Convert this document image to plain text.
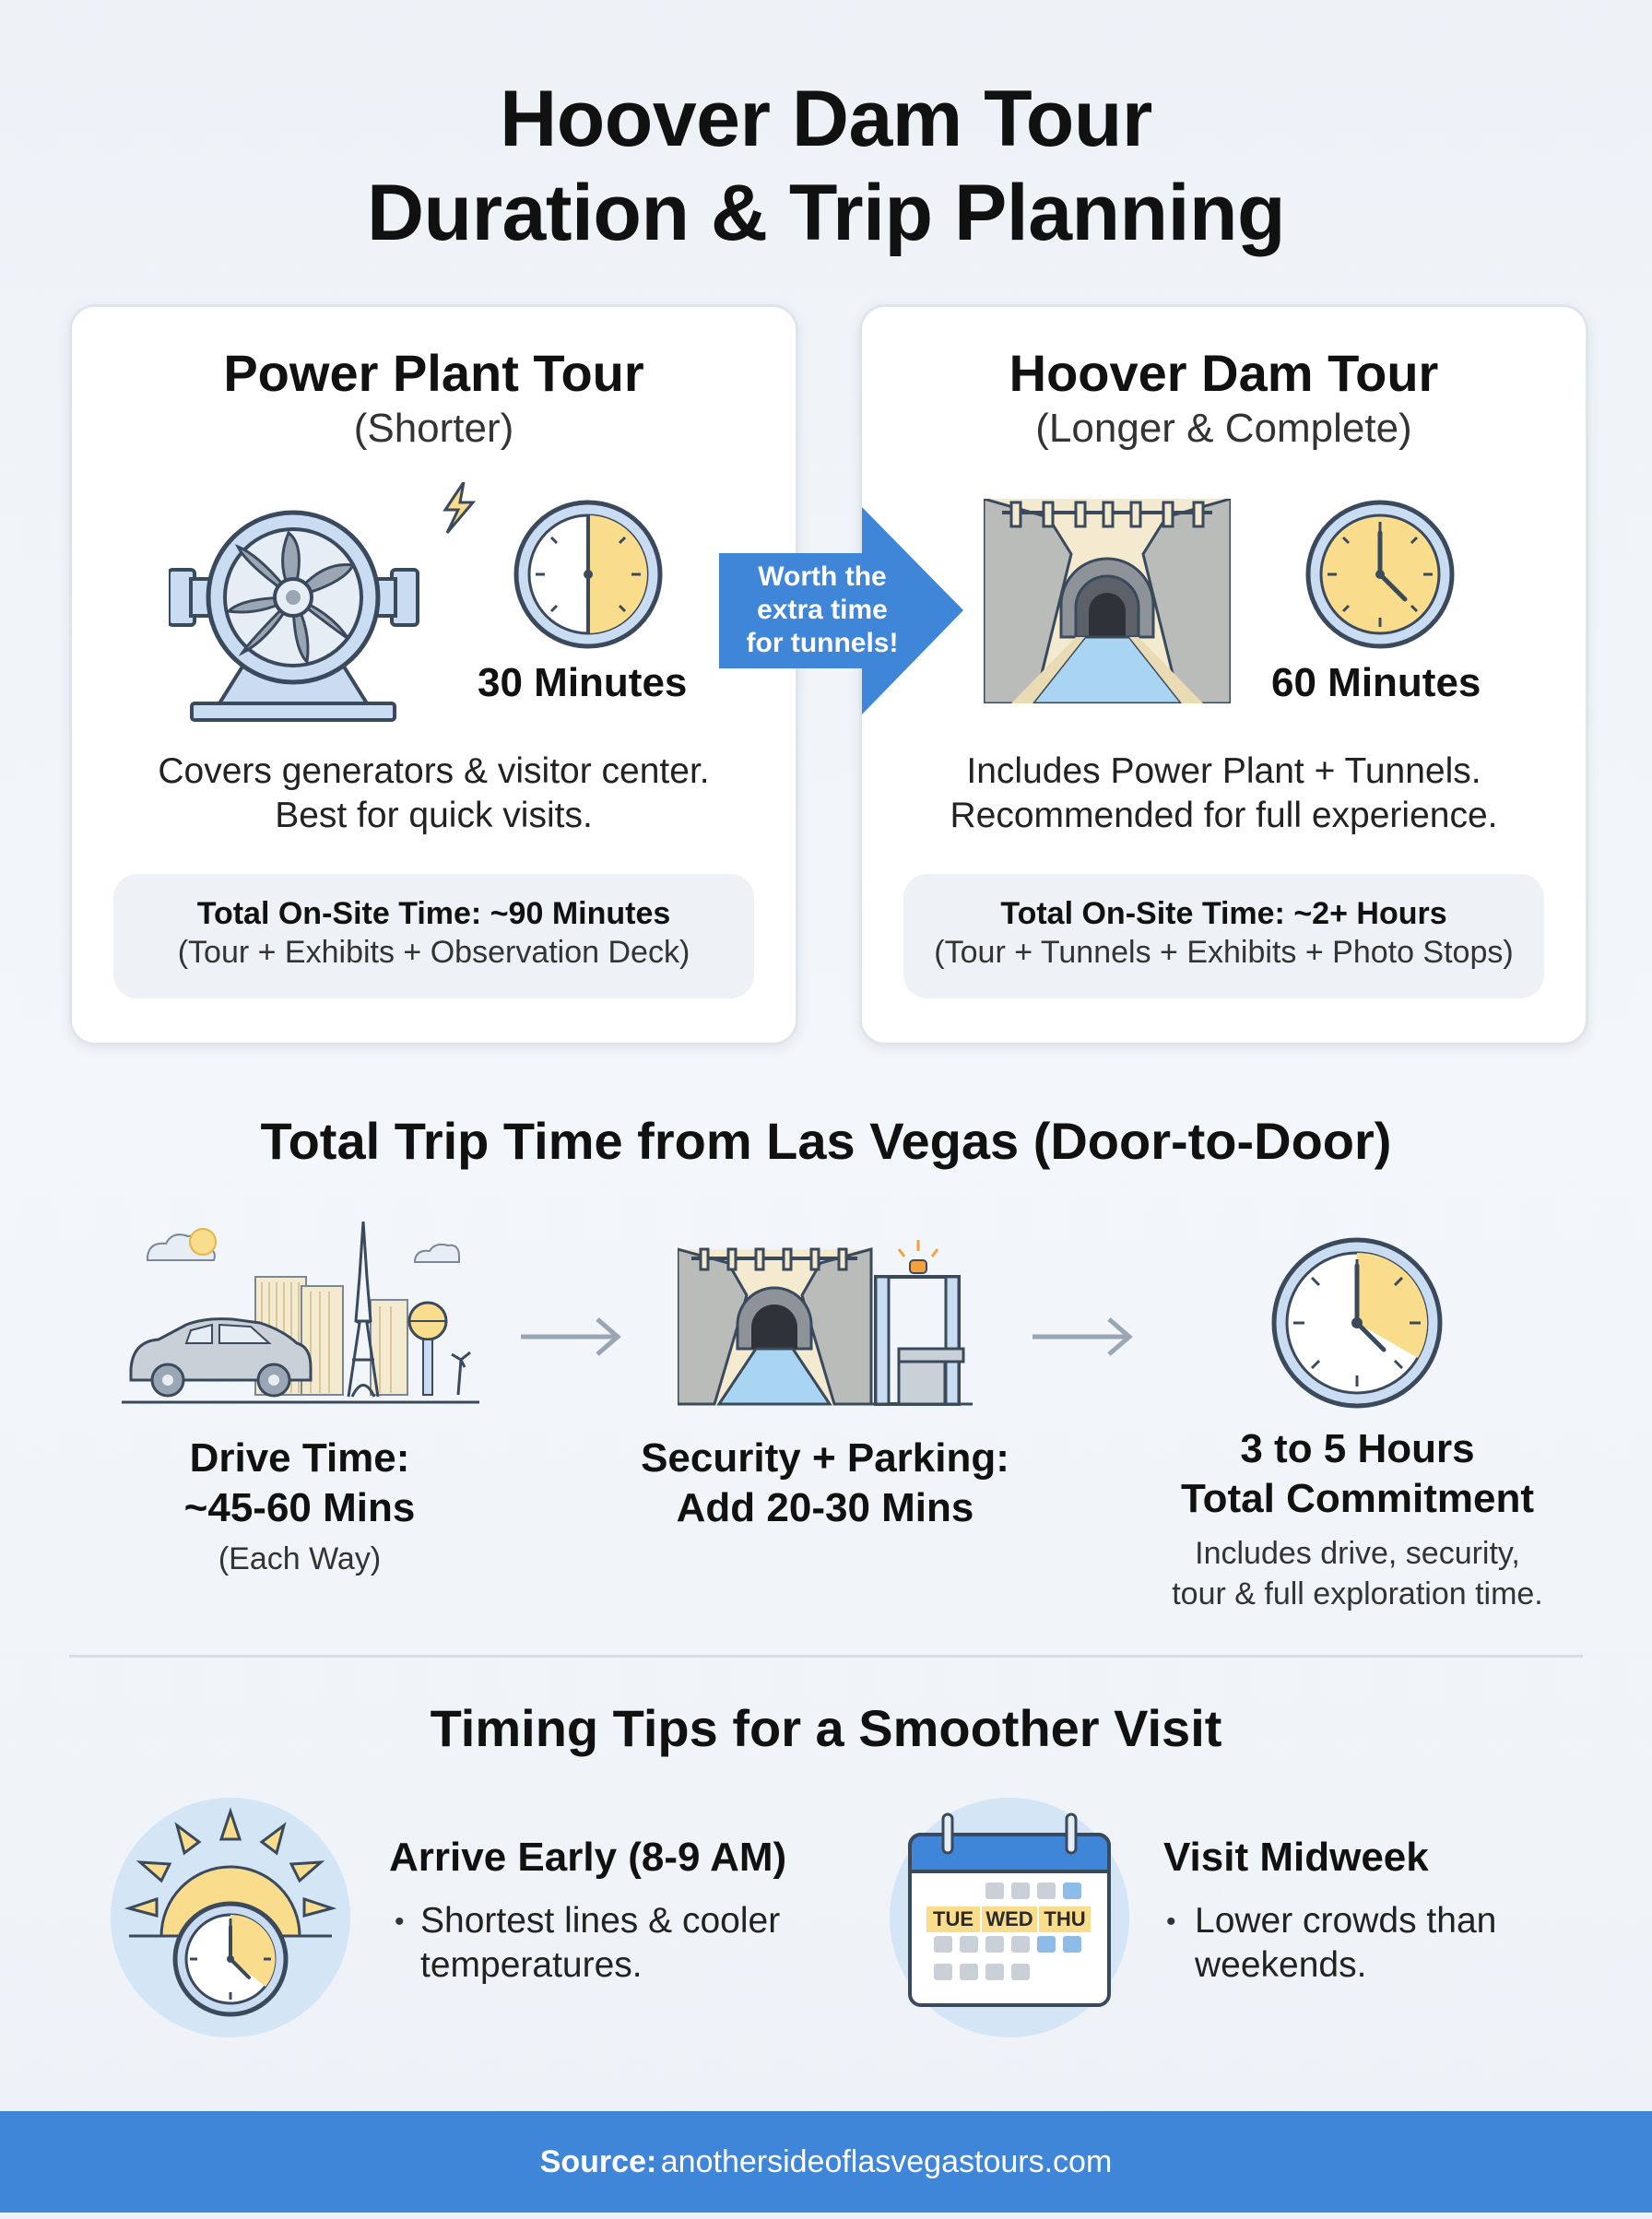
Hoover Dam Tour
Duration & Trip Planning
Power Plant Tour
(Shorter)
30 Minutes
Covers generators & visitor center.
Best for quick visits.
Total On-Site Time: ~90 Minutes
(Tour + Exhibits + Observation Deck)
Hoover Dam Tour
(Longer & Complete)
60 Minutes
Includes Power Plant + Tunnels.
Recommended for full experience.
Total On-Site Time: ~2+ Hours
(Tour + Tunnels + Exhibits + Photo Stops)
Worth the
extra time
for tunnels!
Total Trip Time from Las Vegas (Door-to-Door)
Drive Time:
~45-60 Mins
(Each Way)
Security + Parking:
Add 20-30 Mins
3 to 5 Hours
Total Commitment
Includes drive, security,
tour & full exploration time.
Timing Tips for a Smoother Visit
Arrive Early (8-9 AM)
• Shortest lines & cooler
temperatures.
TUE WED THU
Visit Midweek
• Lower crowds than
weekends.
Source: anothersideoflasvegastours.com
